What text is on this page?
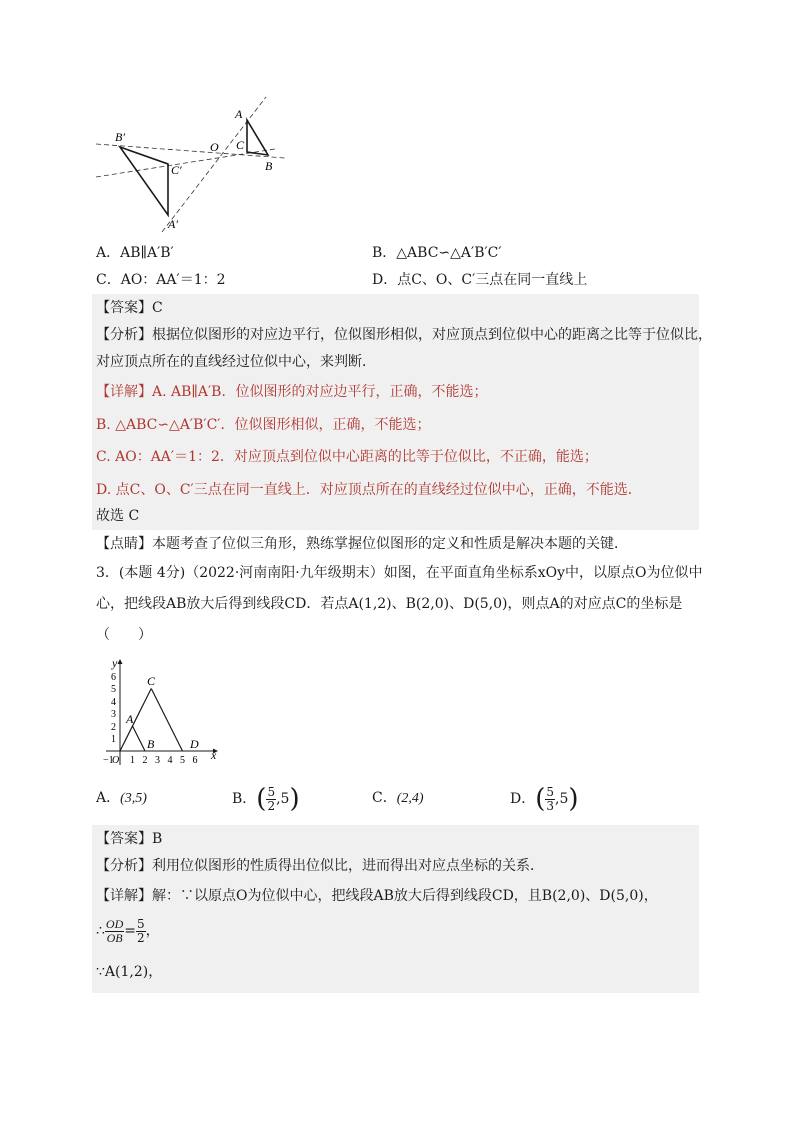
B′
C′
A′
O
A
C
B
A．AB∥A′B′	B．△ABC∽△A′B′C′
C．AO：AA′＝1：2	D．点C、O、C′三点在同一直线上
【答案】C
【分析】根据位似图形的对应边平行，位似图形相似，对应顶点到位似中心的距离之比等于位似比，
对应顶点所在的直线经过位似中心，来判断．
【详解】A. AB∥A′B．位似图形的对应边平行，正确，不能选；
B. △ABC∽△A′B′C′．位似图形相似，正确，不能选；
C. AO：AA′＝1：2．对应顶点到位似中心距离的比等于位似比，不正确，能选；
D. 点C、O、C′三点在同一直线上．对应顶点所在的直线经过位似中心，正确，不能选．
故选 C
【点睛】本题考查了位似三角形，熟练掌握位似图形的定义和性质是解决本题的关键．
3．(本题 4分)（2022·河南南阳·九年级期末）如图，在平面直角坐标系xOy中，以原点O为位似中
心，把线段AB放大后得到线段CD．若点A(1,2)、B(2,0)、D(5,0)，则点A的对应点C的坐标是
（　　）
−1
O 1 2 3 4 5 6
1
2
3
4
5
6
A
B
C
D
x
y
A．(3,5)	B．( $\frac{5}{2} ,5$)	C．(2,4)	D．( $\frac{5}{3} ,5$)
【答案】B
【分析】利用位似图形的性质得出位似比，进而得出对应点坐标的关系．
【详解】解：∵以原点O为位似中心，把线段AB放大后得到线段CD，且B(2,0)、D(5,0)，
∴ $\frac{OD}{OB} = \frac{5}{2}$ ，
∵A(1,2)，
